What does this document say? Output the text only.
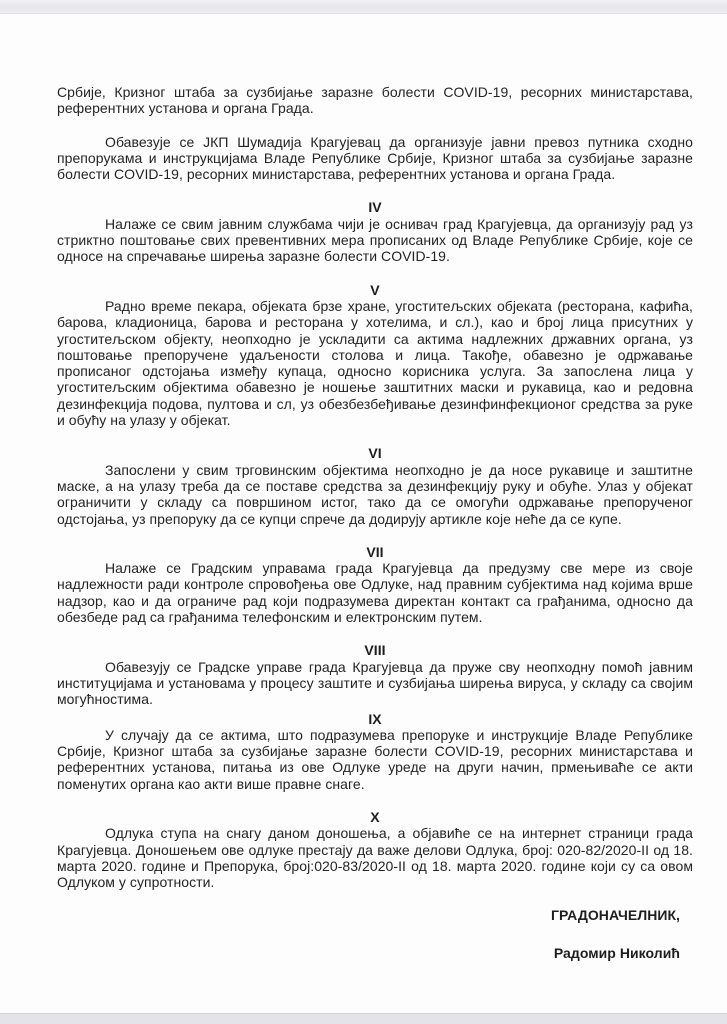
Србије, Кризног штаба за сузбијање заразне болести COVID-19, ресорних министарстава, референтних установа и органа Града.

Обавезује се ЈКП Шумадија Крагујевац да организује јавни превоз путника сходно препорукама и инструкцијама Владе Републике Србије, Кризног штаба за сузбијање заразне болести COVID-19, ресорних министарстава, референтних установа и органа Града.

IV

Налаже се свим јавним службама чији је оснивач град Крагујевца, да организују рад уз стриктно поштовање свих превентивних мера прописаних од Владе Републике Србије, које се односе на спречавање ширења заразне болести COVID-19.

V

Радно време пекара, објеката брзе хране, угоститељских објеката (ресторана, кафића, барова, кладионица, барова и ресторана у хотелима, и сл.), као и број лица присутних у угоститељском објекту, неопходно је ускладити са актима надлежних државних органа, уз поштовање препоручене удаљености столова и лица. Такође, обавезно је одржавање прописаног одстојања између купаца, односно корисника услуга. За запослена лица у угоститељским објектима обавезно је ношење заштитних маски и рукавица, као и редовна дезинфекција подова, пултова и сл, уз обезбезбеђивање дезинфинфекционог средства за руке и обућу на улазу у објекат.

VI

Запослени у свим трговинским објектима неопходно је да носе рукавице и заштитне маске, а на улазу треба да се поставе средства за дезинфекцију руку и обуће. Улаз у објекат ограничити у складу са површином истог, тако да се омогући одржавање препорученог одстојања, уз препоруку да се купци спрече да додирују артикле које неће да се купе.

VII

Налаже се Градским управама града Крагујевца да предузму све мере из своје надлежности ради контроле спровођења ове Одлуке, над правним субјектима над којима врше надзор, као и да ограниче рад који подразумева директан контакт са грађанима, односно да обезбеде рад са грађанима телефонским и електронским путем.

VIII

Обавезују се Градске управе града Крагујевца да пруже сву неопходну помоћ јавним институцијама и установама у процесу заштите и сузбијања ширења вируса, у складу са својим могућностима.

IX

У случају да се актима, што подразумева препоруке и инструкције Владе Републике Србије, Кризног штаба за сузбијање заразне болести COVID-19, ресорних министарстава и референтних установа, питања из ове Одлуке уреде на други начин, прмењиваће се акти поменутих органа као акти више правне снаге.

X

Одлука ступа на снагу даном доношења, а објавиће се на интернет страници града Крагујевца. Доношењем ове одлуке престају да важе делови Одлука, број: 020-82/2020-II од 18. марта 2020. године и Препорука, број:020-83/2020-II од 18. марта 2020. године који су са овом Одлуком у супротности.

ГРАДОНАЧЕЛНИК,

Радомир Николић
